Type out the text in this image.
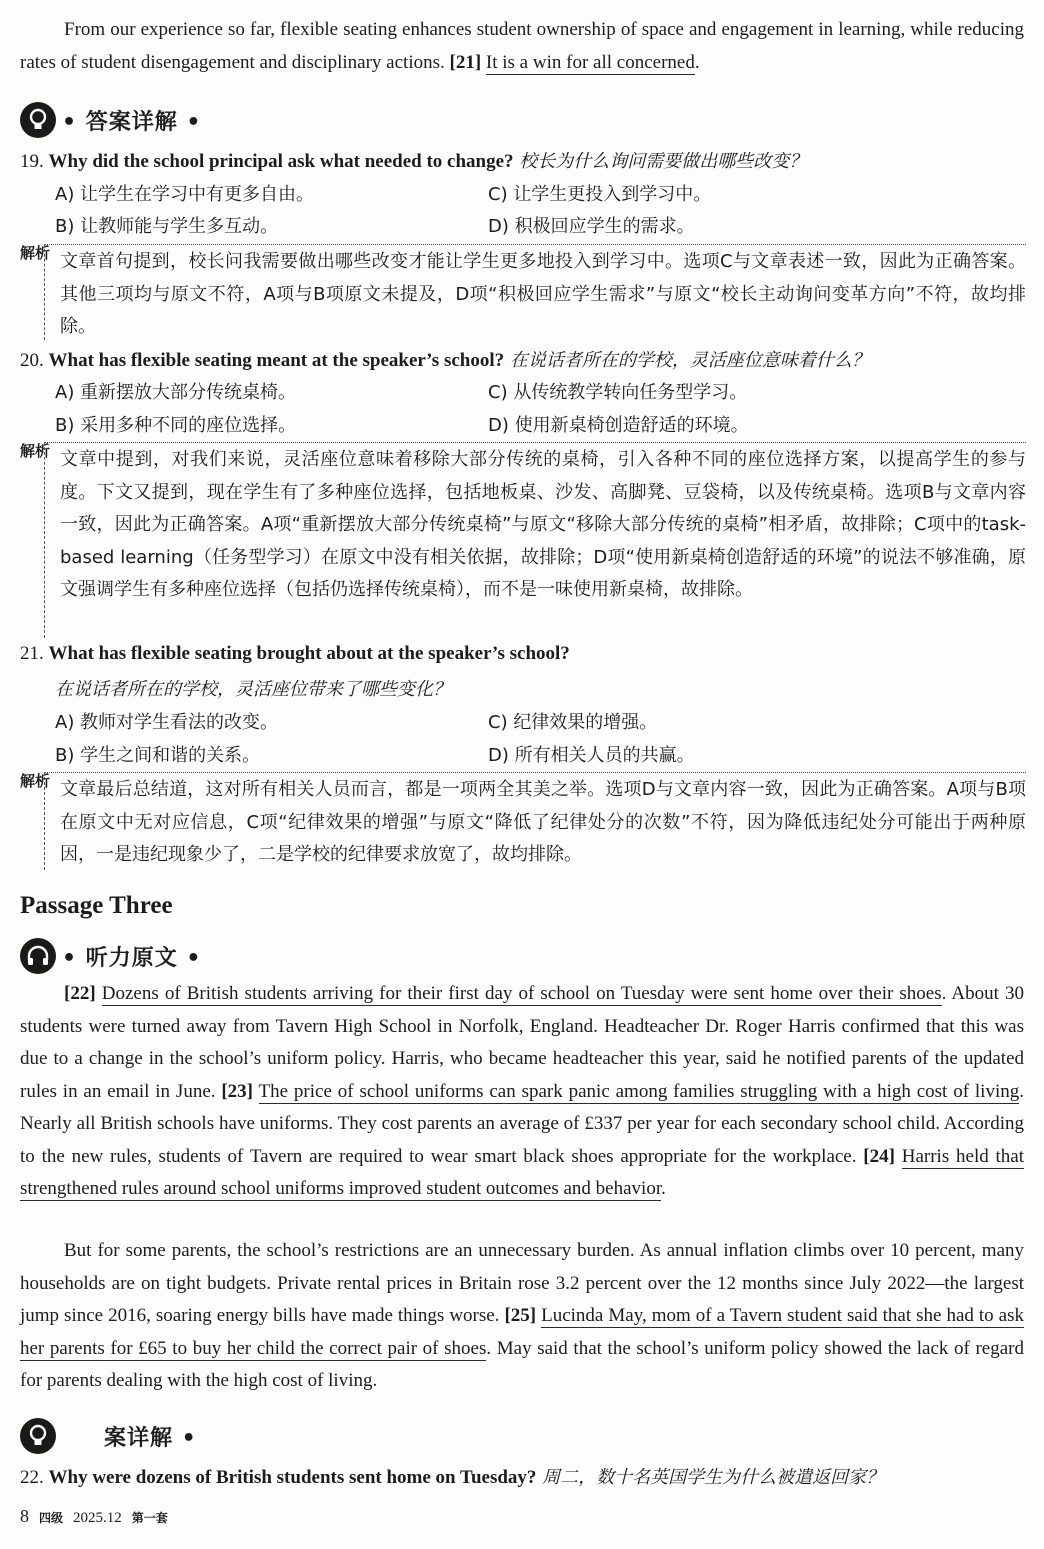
From our experience so far, flexible seating enhances student ownership of space and engagement in learning, while reducing rates of student disengagement and disciplinary actions. [21] It is a win for all concerned.

• 答案详解 •
19. Why did the school principal ask what needed to change? 校长为什么询问需要做出哪些改变？
A) 让学生在学习中有更多自由。	C) 让学生更投入到学习中。
B) 让教师能与学生多互动。	D) 积极回应学生的需求。
解析 文章首句提到，校长问我需要做出哪些改变才能让学生更多地投入到学习中。选项C与文章表述一致，因此为正确答案。其他三项均与原文不符，A项与B项原文未提及，D项“积极回应学生需求”与原文“校长主动询问变革方向”不符，故均排除。

20. What has flexible seating meant at the speaker’s school? 在说话者所在的学校，灵活座位意味着什么？
A) 重新摆放大部分传统桌椅。	C) 从传统教学转向任务型学习。
B) 采用多种不同的座位选择。	D) 使用新桌椅创造舒适的环境。
解析 文章中提到，对我们来说，灵活座位意味着移除大部分传统的桌椅，引入各种不同的座位选择方案，以提高学生的参与度。下文又提到，现在学生有了多种座位选择，包括地板桌、沙发、高脚凳、豆袋椅，以及传统桌椅。选项B与文章内容一致，因此为正确答案。A项“重新摆放大部分传统桌椅”与原文“移除大部分传统的桌椅”相矛盾，故排除；C项中的task-based learning（任务型学习）在原文中没有相关依据，故排除；D项“使用新桌椅创造舒适的环境”的说法不够准确，原文强调学生有多种座位选择（包括仍选择传统桌椅），而不是一味使用新桌椅，故排除。

21. What has flexible seating brought about at the speaker’s school?
在说话者所在的学校，灵活座位带来了哪些变化？
A) 教师对学生看法的改变。	C) 纪律效果的增强。
B) 学生之间和谐的关系。	D) 所有相关人员的共赢。
解析 文章最后总结道，这对所有相关人员而言，都是一项两全其美之举。选项D与文章内容一致，因此为正确答案。A项与B项在原文中无对应信息，C项“纪律效果的增强”与原文“降低了纪律处分的次数”不符，因为降低违纪处分可能出于两种原因，一是违纪现象少了，二是学校的纪律要求放宽了，故均排除。

Passage Three
• 听力原文 •

[22] Dozens of British students arriving for their first day of school on Tuesday were sent home over their shoes. About 30 students were turned away from Tavern High School in Norfolk, England. Headteacher Dr. Roger Harris confirmed that this was due to a change in the school’s uniform policy. Harris, who became headteacher this year, said he notified parents of the updated rules in an email in June. [23] The price of school uniforms can spark panic among families struggling with a high cost of living. Nearly all British schools have uniforms. They cost parents an average of £337 per year for each secondary school child. According to the new rules, students of Tavern are required to wear smart black shoes appropriate for the workplace. [24] Harris held that strengthened rules around school uniforms improved student outcomes and behavior.

But for some parents, the school’s restrictions are an unnecessary burden. As annual inflation climbs over 10 percent, many households are on tight budgets. Private rental prices in Britain rose 3.2 percent over the 12 months since July 2022—the largest jump since 2016, soaring energy bills have made things worse. [25] Lucinda May, mom of a Tavern student said that she had to ask her parents for £65 to buy her child the correct pair of shoes. May said that the school’s uniform policy showed the lack of regard for parents dealing with the high cost of living.

案详解 •
22. Why were dozens of British students sent home on Tuesday? 周二，数十名英国学生为什么被遣返回家？
8 四级 2025.12 第一套
